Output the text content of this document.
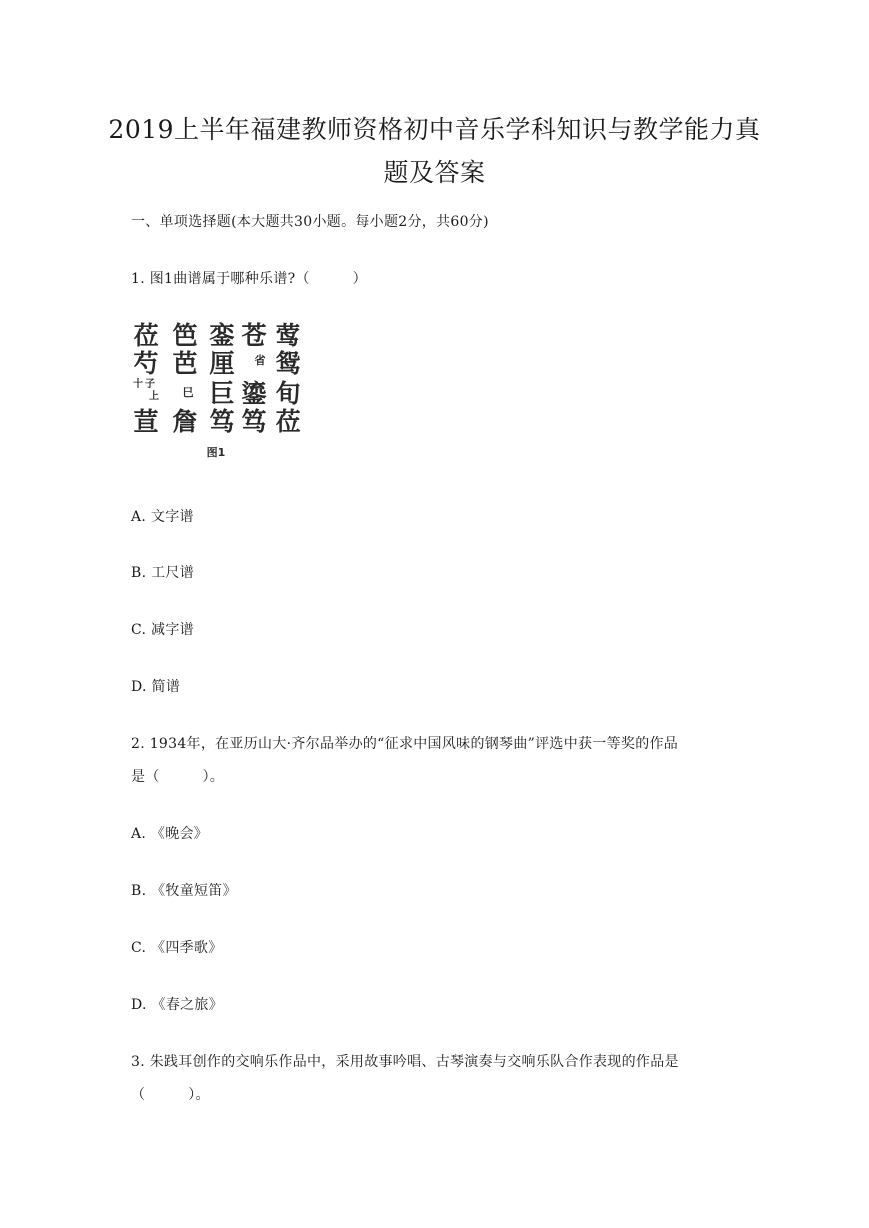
2019上半年福建教师资格初中音乐学科知识与教学能力真
题及答案
一、单项选择题(本大题共30小题。每小题2分，共60分)
1. 图1曲谱属于哪种乐谱?（　　　）
莅
芍
十 子
上
荁
笆
芭
巳
詹
銮
厘
巨
笃
苍
省
鎏
笃
莺
鸳
旬
莅
图1
A. 文字谱
B. 工尺谱
C. 减字谱
D. 简谱
2. 1934年，在亚历山大·齐尔品举办的“征求中国风味的钢琴曲”评选中获一等奖的作品
是（　　　）。
A. 《晚会》
B. 《牧童短笛》
C. 《四季歌》
D. 《春之旅》
3. 朱践耳创作的交响乐作品中，采用故事吟唱、古琴演奏与交响乐队合作表现的作品是
（　　　）。
